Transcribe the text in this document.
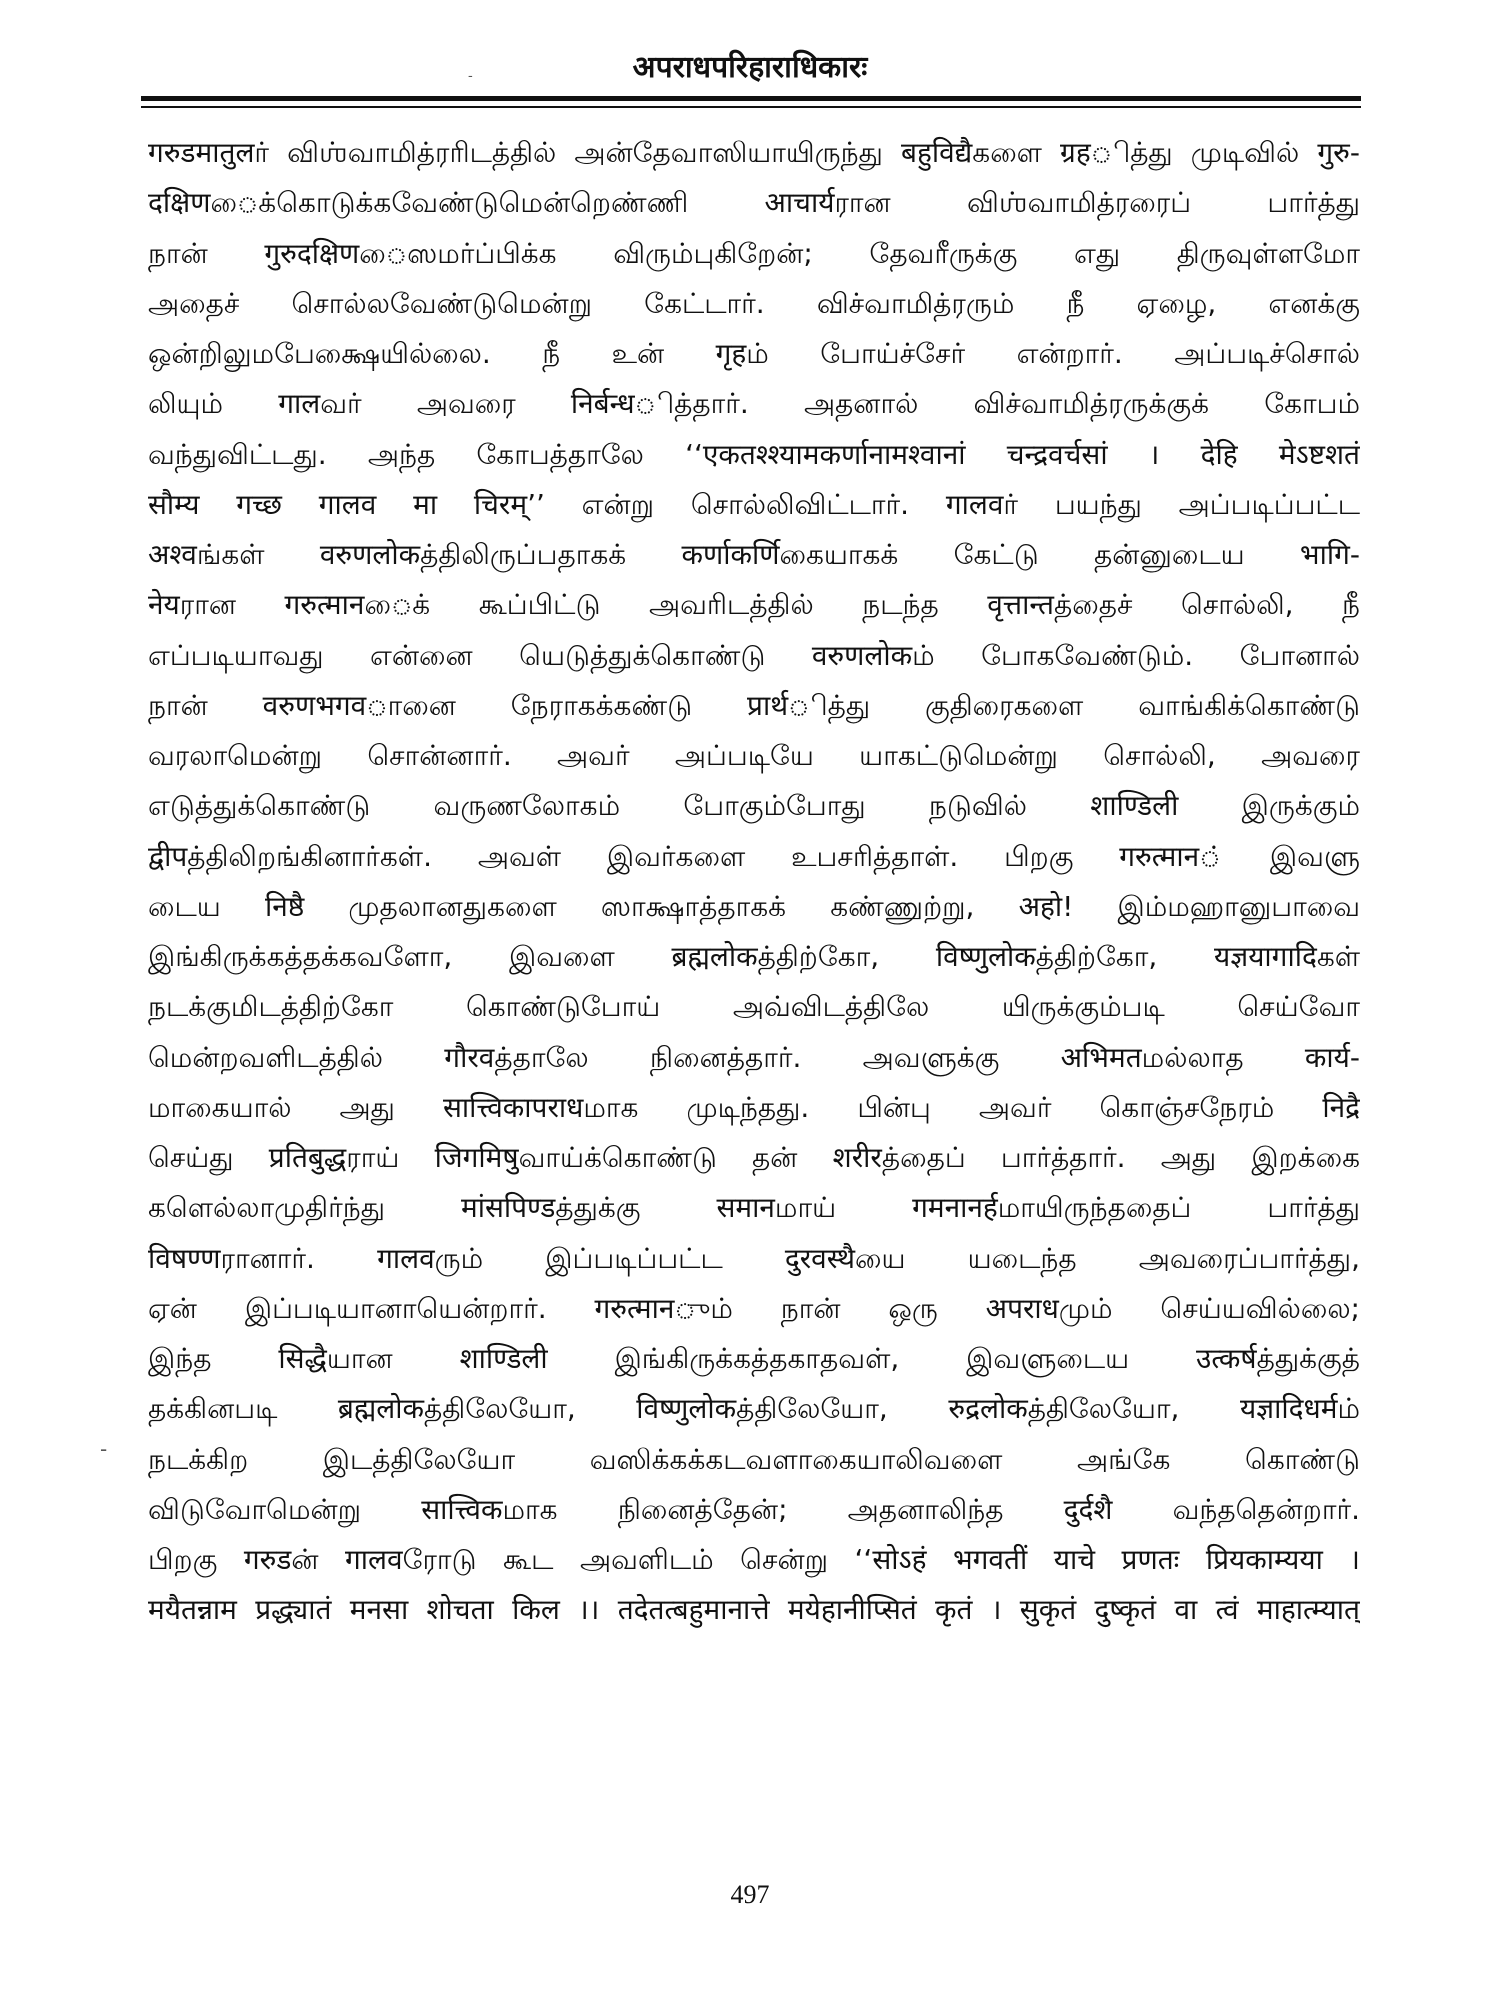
अपराधपरिहाराधिकारः
-
-
गरुडमातुलர் விஶ்வாமித்ரரிடத்தில் அன்தேவாஸியாயிருந்து बहुविद्यैகளை ग्रहித்து முடிவில் गुरु-
दक्षिणைக்கொடுக்கவேண்டுமென்றெண்ணி आचार्यரான விஶ்வாமித்ரரைப் பார்த்து
நான் गुरुदक्षिणைஸமர்ப்பிக்க விரும்புகிறேன்; தேவரீருக்கு எது திருவுள்ளமோ
அதைச் சொல்லவேண்டுமென்று கேட்டார். விச்வாமித்ரரும் நீ ஏழை, எனக்கு
ஒன்றிலுமபேக்ஷையில்லை. நீ உன் गृहம் போய்ச்சேர் என்றார். அப்படிச்சொல்
லியும் गालவர் அவரை निर्बन्धித்தார். அதனால் விச்வாமித்ரருக்குக் கோபம்
வந்துவிட்டது. அந்த கோபத்தாலே ‘‘एकतश्श्यामकर्णानामश्वानां चन्द्रवर्चसां । देहि मेऽष्टशतं
सौम्य गच्छ गालव मा चिरम्’’ என்று சொல்லிவிட்டார். गालवர் பயந்து அப்படிப்பட்ட
अश्वங்கள் वरुणलोकத்திலிருப்பதாகக் कर्णाकर्णिகையாகக் கேட்டு தன்னுடைய भागि-
नेयரான गरुत्मानைக் கூப்பிட்டு அவரிடத்தில் நடந்த वृत्तान्तத்தைச் சொல்லி, நீ
எப்படியாவது என்னை யெடுத்துக்கொண்டு वरुणलोकம் போகவேண்டும். போனால்
நான் वरुणभगवானை நேராகக்கண்டு प्रार्थித்து குதிரைகளை வாங்கிக்கொண்டு
வரலாமென்று சொன்னார். அவர் அப்படியே யாகட்டுமென்று சொல்லி, அவரை
எடுத்துக்கொண்டு வருணலோகம் போகும்போது நடுவில் शाण्डिली இருக்கும்
द्वीपத்திலிறங்கினார்கள். அவள் இவர்களை உபசரித்தாள். பிறகு गरुत्मान் இவளு
டைய निष्ठै முதலானதுகளை ஸாக்ஷாத்தாகக் கண்ணுற்று, अहो! இம்மஹானுபாவை
இங்கிருக்கத்தக்கவளோ, இவளை ब्रह्मलोकத்திற்கோ, विष्णुलोकத்திற்கோ, यज्ञयागादिகள்
நடக்குமிடத்திற்கோ கொண்டுபோய் அவ்விடத்திலே யிருக்கும்படி செய்வோ
மென்றவளிடத்தில் गौरवத்தாலே நினைத்தார். அவளுக்கு अभिमतமல்லாத कार्य-
மாகையால் அது सात्त्विकापराधமாக முடிந்தது. பின்பு அவர் கொஞ்சநேரம் निद्रै
செய்து प्रतिबुद्धராய் जिगमिषुவாய்க்கொண்டு தன் शरीरத்தைப் பார்த்தார். அது இறக்கை
களெல்லாமுதிர்ந்து मांसपिण्डத்துக்கு समानமாய் गमनानर्हமாயிருந்ததைப் பார்த்து
विषण्णரானார். गालवரும் இப்படிப்பட்ட दुरवस्थैயை யடைந்த அவரைப்பார்த்து,
ஏன் இப்படியானாயென்றார். गरुत्मानும் நான் ஒரு अपराधமும் செய்யவில்லை;
இந்த सिद्धैயான शाण्डिली இங்கிருக்கத்தகாதவள், இவளுடைய उत्कर्षத்துக்குத்
தக்கினபடி ब्रह्मलोकத்திலேயோ, विष्णुलोकத்திலேயோ, रुद्रलोकத்திலேயோ, यज्ञादिधर्मம்
நடக்கிற இடத்திலேயோ வஸிக்கக்கடவளாகையாலிவளை அங்கே கொண்டு
விடுவோமென்று सात्त्विकமாக நினைத்தேன்; அதனாலிந்த दुर्दशै வந்ததென்றார்.
பிறகு गरुडன் गालवரோடு கூட அவளிடம் சென்று ‘‘सोऽहं भगवतीं याचे प्रणतः प्रियकाम्यया ।
मयैतन्नाम प्रद्ध्यातं मनसा शोचता किल ।। तदेतत्बहुमानात्ते मयेहानीप्सितं कृतं । सुकृतं दुष्कृतं वा त्वं माहात्म्यात्
497
